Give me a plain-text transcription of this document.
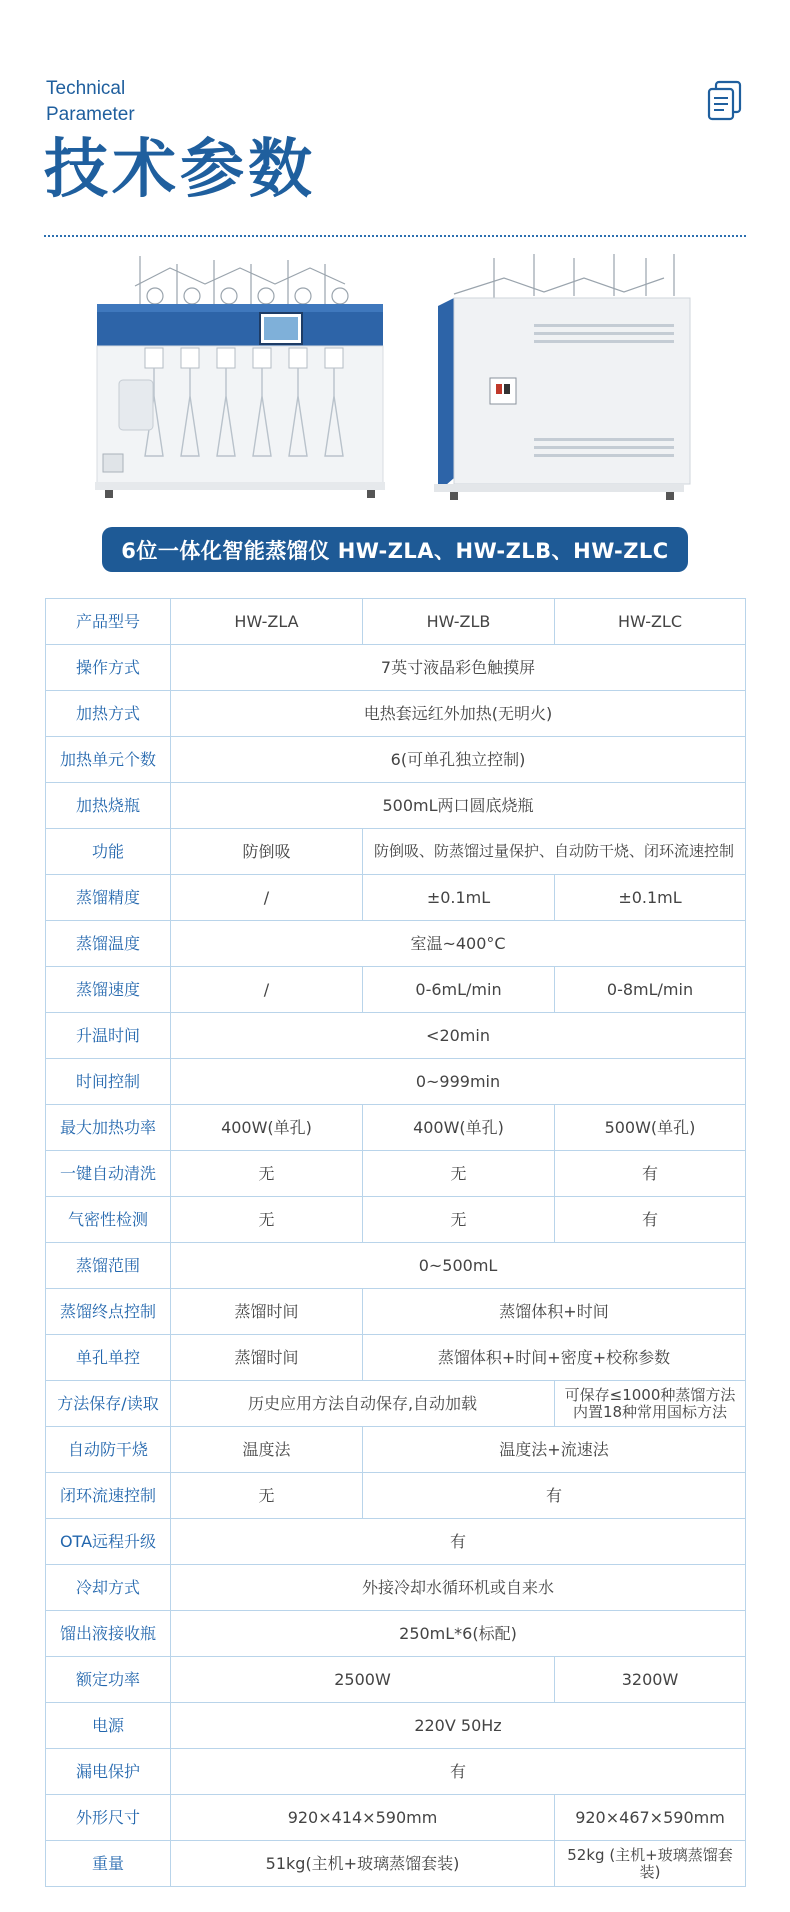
Technical
Parameter
技术参数
6位一体化智能蒸馏仪 HW-ZLA、HW-ZLB、HW-ZLC
产品型号	HW-ZLA	HW-ZLB	HW-ZLC
操作方式	7英寸液晶彩色触摸屏		
加热方式	电热套远红外加热(无明火)		
加热单元个数	6(可单孔独立控制)		
加热烧瓶	500mL两口圆底烧瓶		
功能	防倒吸	防倒吸、防蒸馏过量保护、自动防干烧、闭环流速控制	
蒸馏精度	/	±0.1mL	±0.1mL
蒸馏温度	室温~400°C		
蒸馏速度	/	0-6mL/min	0-8mL/min
升温时间	<20min		
时间控制	0~999min		
最大加热功率	400W(单孔)	400W(单孔)	500W(单孔)
一键自动清洗	无	无	有
气密性检测	无	无	有
蒸馏范围	0~500mL		
蒸馏终点控制	蒸馏时间	蒸馏体积+时间	
单孔单控	蒸馏时间	蒸馏体积+时间+密度+校称参数	
方法保存/读取	历史应用方法自动保存,自动加载		可保存≤1000种蒸馏方法 内置18种常用国标方法
自动防干烧	温度法	温度法+流速法	
闭环流速控制	无	有	
OTA远程升级	有		
冷却方式	外接冷却水循环机或自来水		
馏出液接收瓶	250mL*6(标配)		
额定功率	2500W		3200W
电源	220V 50Hz		
漏电保护	有		
外形尺寸	920×414×590mm		920×467×590mm
重量	51kg(主机+玻璃蒸馏套装)		52kg (主机+玻璃蒸馏套装)
